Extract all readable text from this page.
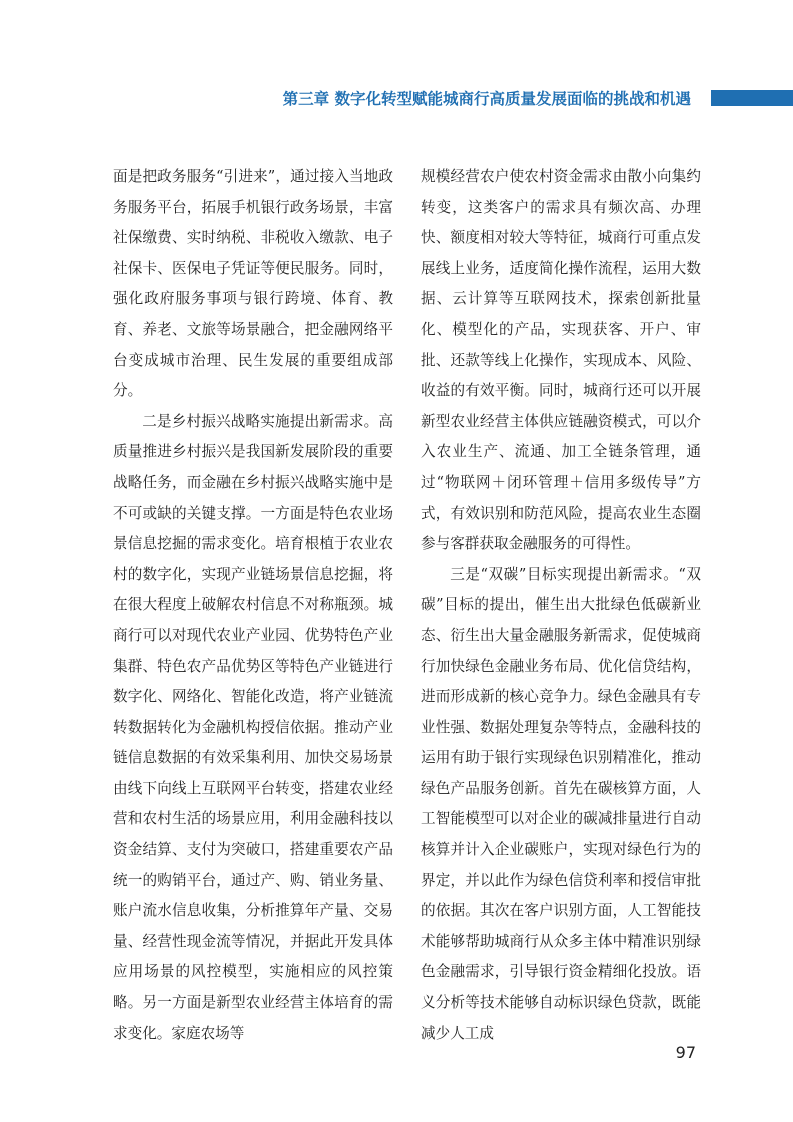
第三章 数字化转型赋能城商行高质量发展面临的挑战和机遇

面是把政务服务“引进来”，通过接入当地政务服务平台，拓展手机银行政务场景，丰富社保缴费、实时纳税、非税收入缴款、电子社保卡、医保电子凭证等便民服务。同时，强化政府服务事项与银行跨境、体育、教育、养老、文旅等场景融合，把金融网络平台变成城市治理、民生发展的重要组成部分。

二是乡村振兴战略实施提出新需求。高质量推进乡村振兴是我国新发展阶段的重要战略任务，而金融在乡村振兴战略实施中是不可或缺的关键支撑。一方面是特色农业场景信息挖掘的需求变化。培育根植于农业农村的数字化，实现产业链场景信息挖掘，将在很大程度上破解农村信息不对称瓶颈。城商行可以对现代农业产业园、优势特色产业集群、特色农产品优势区等特色产业链进行数字化、网络化、智能化改造，将产业链流转数据转化为金融机构授信依据。推动产业链信息数据的有效采集利用、加快交易场景由线下向线上互联网平台转变，搭建农业经营和农村生活的场景应用，利用金融科技以资金结算、支付为突破口，搭建重要农产品统一的购销平台，通过产、购、销业务量、账户流水信息收集，分析推算年产量、交易量、经营性现金流等情况，并据此开发具体应用场景的风控模型，实施相应的风控策略。另一方面是新型农业经营主体培育的需求变化。家庭农场等

规模经营农户使农村资金需求由散小向集约转变，这类客户的需求具有频次高、办理快、额度相对较大等特征，城商行可重点发展线上业务，适度简化操作流程，运用大数据、云计算等互联网技术，探索创新批量化、模型化的产品，实现获客、开户、审批、还款等线上化操作，实现成本、风险、收益的有效平衡。同时，城商行还可以开展新型农业经营主体供应链融资模式，可以介入农业生产、流通、加工全链条管理，通过“物联网＋闭环管理＋信用多级传导”方式，有效识别和防范风险，提高农业生态圈参与客群获取金融服务的可得性。

三是“双碳”目标实现提出新需求。“双碳”目标的提出，催生出大批绿色低碳新业态、衍生出大量金融服务新需求，促使城商行加快绿色金融业务布局、优化信贷结构，进而形成新的核心竞争力。绿色金融具有专业性强、数据处理复杂等特点，金融科技的运用有助于银行实现绿色识别精准化，推动绿色产品服务创新。首先在碳核算方面，人工智能模型可以对企业的碳减排量进行自动核算并计入企业碳账户，实现对绿色行为的界定，并以此作为绿色信贷利率和授信审批的依据。其次在客户识别方面，人工智能技术能够帮助城商行从众多主体中精准识别绿色金融需求，引导银行资金精细化投放。语义分析等技术能够自动标识绿色贷款，既能减少人工成

97
